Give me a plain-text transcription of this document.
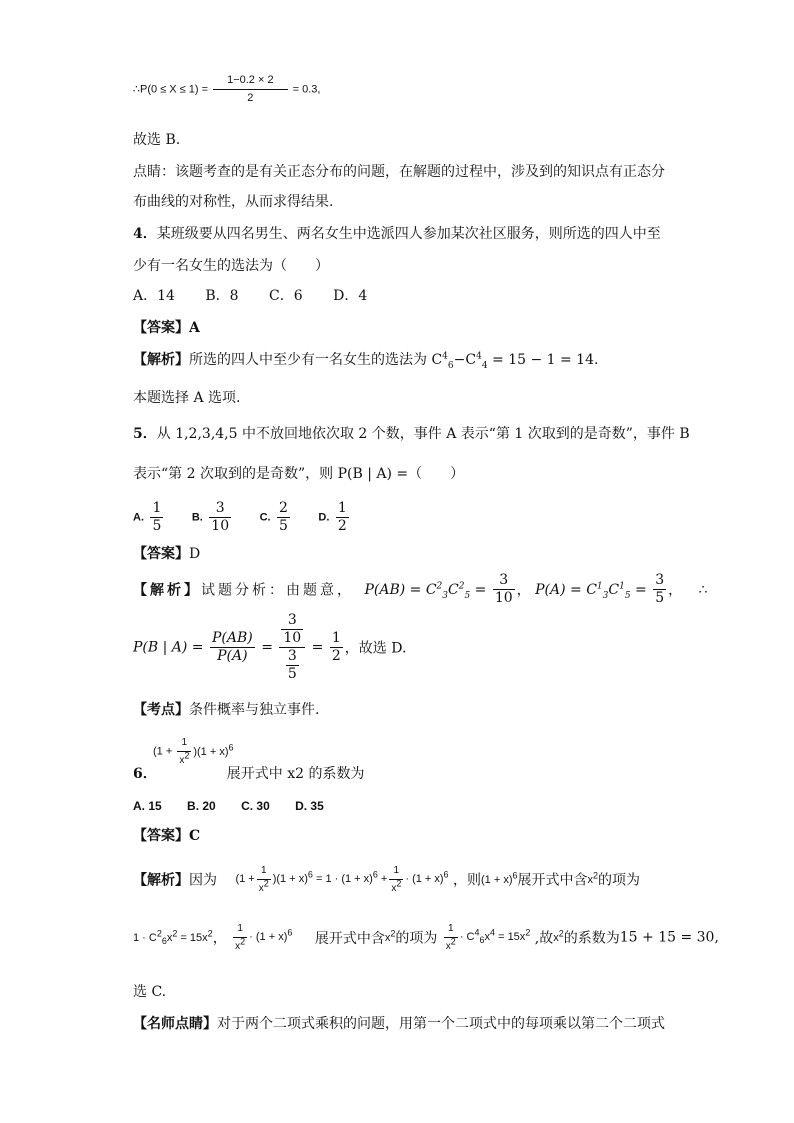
∴P(0 ≤ $X \le 1) = \frac{1-0.2 \times 2}{2} = 0.3$,
故选 B.
点睛：该题考查的是有关正态分布的问题，在解题的过程中，涉及到的知识点有正态分
布曲线的对称性，从而求得结果.
4．某班级要从四名男生、两名女生中选派四人参加某次社区服务，则所选的四人中至
少有一名女生的选法为（　　）
A．14 B．8 C．6 D．4
【答案】A
【解析】所选的四人中至少有一名女生的选法为 $C^4_6-C^4_4 = 15 - 1 = 14$.
本题选择 A 选项.
5．从 1,2,3,4,5 中不放回地依次取 2 个数，事件 A 表示“第 1 次取到的是奇数”，事件 B
表示“第 2 次取到的是奇数”，则 P(B | A) =（　　）
A. $\frac{1}{5}$	B. $\frac{3}{10}$	C. $\frac{2}{5}$	D. $\frac{1}{2}$
【答案】D
【解析】试题分析：由题意， $P(AB) = C^2_3C^2_5 = \frac{3}{10}$ ， $P(A) = C^1_3C^1_5 = \frac{3}{5}$ ， ∴
P(B | $A) = \frac{P(AB)}{P(A)} = \frac{\frac{3}{10}}{\frac{3}{5}} = \frac{1}{2}$ ，故选 D.
【考点】条件概率与独立事件.
$(1 + \frac{1}{x^2} )(1 + x)^6$
6．	展开式中 x2 的系数为
A. 15 B. 20 C. 30 D. 35
【答案】C
【解析】因为 $(1 + \frac{1}{x^2} )(1 + x)^6 = 1 \cdot (1 + x)^6 + \frac{1}{x^2} \cdot (1 + x)^6$ ，则$(1 + x)^6$展开式中含$x^2$的项为
$1 \cdot C^2_6x^2 = 15x^2$， $\frac{1}{x^2} \cdot (1 + x)^6$ 展开式中含$x^2$的项为 $\frac{1}{x^2} \cdot C^4_6x^4 = 15x^2$ ,故$x^2$的系数为15 + 15 = 30,
选 C.
【名师点睛】对于两个二项式乘积的问题，用第一个二项式中的每项乘以第二个二项式
